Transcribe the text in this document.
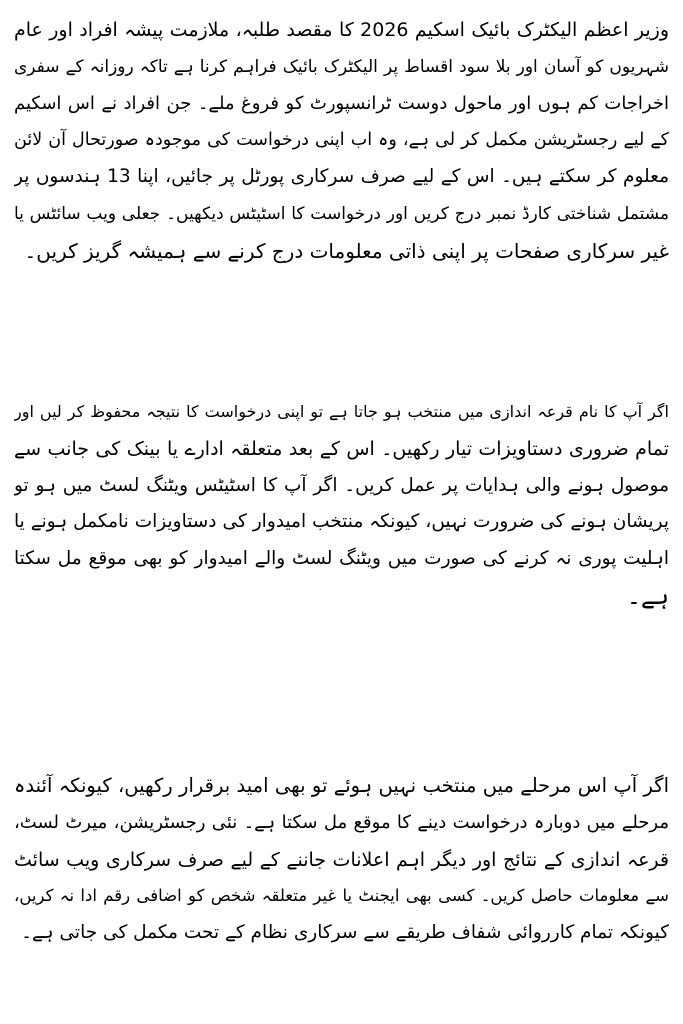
وزیر اعظم الیکٹرک بائیک اسکیم 2026 کا مقصد طلبہ، ملازمت پیشہ افراد اور عام
شہریوں کو آسان اور بلا سود اقساط پر الیکٹرک بائیک فراہم کرنا ہے تاکہ روزانہ کے سفری
اخراجات کم ہوں اور ماحول دوست ٹرانسپورٹ کو فروغ ملے۔ جن افراد نے اس اسکیم
کے لیے رجسٹریشن مکمل کر لی ہے، وہ اب اپنی درخواست کی موجودہ صورتحال آن لائن
معلوم کر سکتے ہیں۔ اس کے لیے صرف سرکاری پورٹل پر جائیں، اپنا 13 ہندسوں پر
مشتمل شناختی کارڈ نمبر درج کریں اور درخواست کا اسٹیٹس دیکھیں۔ جعلی ویب سائٹس یا
غیر سرکاری صفحات پر اپنی ذاتی معلومات درج کرنے سے ہمیشہ گریز کریں۔
اگر آپ کا نام قرعہ اندازی میں منتخب ہو جاتا ہے تو اپنی درخواست کا نتیجہ محفوظ کر لیں اور
تمام ضروری دستاویزات تیار رکھیں۔ اس کے بعد متعلقہ ادارے یا بینک کی جانب سے
موصول ہونے والی ہدایات پر عمل کریں۔ اگر آپ کا اسٹیٹس ویٹنگ لسٹ میں ہو تو
پریشان ہونے کی ضرورت نہیں، کیونکہ منتخب امیدوار کی دستاویزات نامکمل ہونے یا
اہلیت پوری نہ کرنے کی صورت میں ویٹنگ لسٹ والے امیدوار کو بھی موقع مل سکتا
ہے۔
اگر آپ اس مرحلے میں منتخب نہیں ہوئے تو بھی امید برقرار رکھیں، کیونکہ آئندہ
مرحلے میں دوبارہ درخواست دینے کا موقع مل سکتا ہے۔ نئی رجسٹریشن، میرٹ لسٹ،
قرعہ اندازی کے نتائج اور دیگر اہم اعلانات جاننے کے لیے صرف سرکاری ویب سائٹ
سے معلومات حاصل کریں۔ کسی بھی ایجنٹ یا غیر متعلقہ شخص کو اضافی رقم ادا نہ کریں،
کیونکہ تمام کارروائی شفاف طریقے سے سرکاری نظام کے تحت مکمل کی جاتی ہے۔
